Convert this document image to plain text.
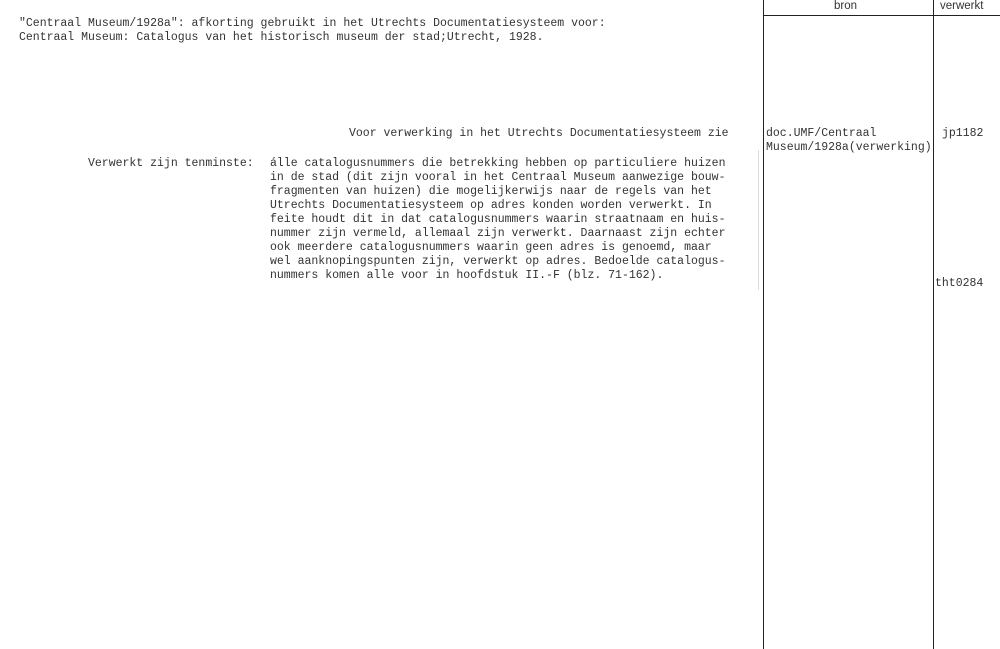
bron	verwerkt
"Centraal Museum/1928a": afkorting gebruikt in het Utrechts Documentatiesysteem voor:
Centraal Museum: Catalogus van het historisch museum der stad;Utrecht, 1928.
Voor verwerking in het Utrechts Documentatiesysteem zie	doc.UMF/Centraal
Museum/1928a(verwerking)
jp1182
tht0284
Verwerkt zijn tenminste: álle catalogusnummers die betrekking hebben op particuliere huizen
in de stad (dit zijn vooral in het Centraal Museum aanwezige bouw-
fragmenten van huizen) die mogelijkerwijs naar de regels van het
Utrechts Documentatiesysteem op adres konden worden verwerkt. In
feite houdt dit in dat catalogusnummers waarin straatnaam en huis-
nummer zijn vermeld, allemaal zijn verwerkt. Daarnaast zijn echter
ook meerdere catalogusnummers waarin geen adres is genoemd, maar
wel aanknopingspunten zijn, verwerkt op adres. Bedoelde catalogus-
nummers komen alle voor in hoofdstuk II.-F (blz. 71-162).
